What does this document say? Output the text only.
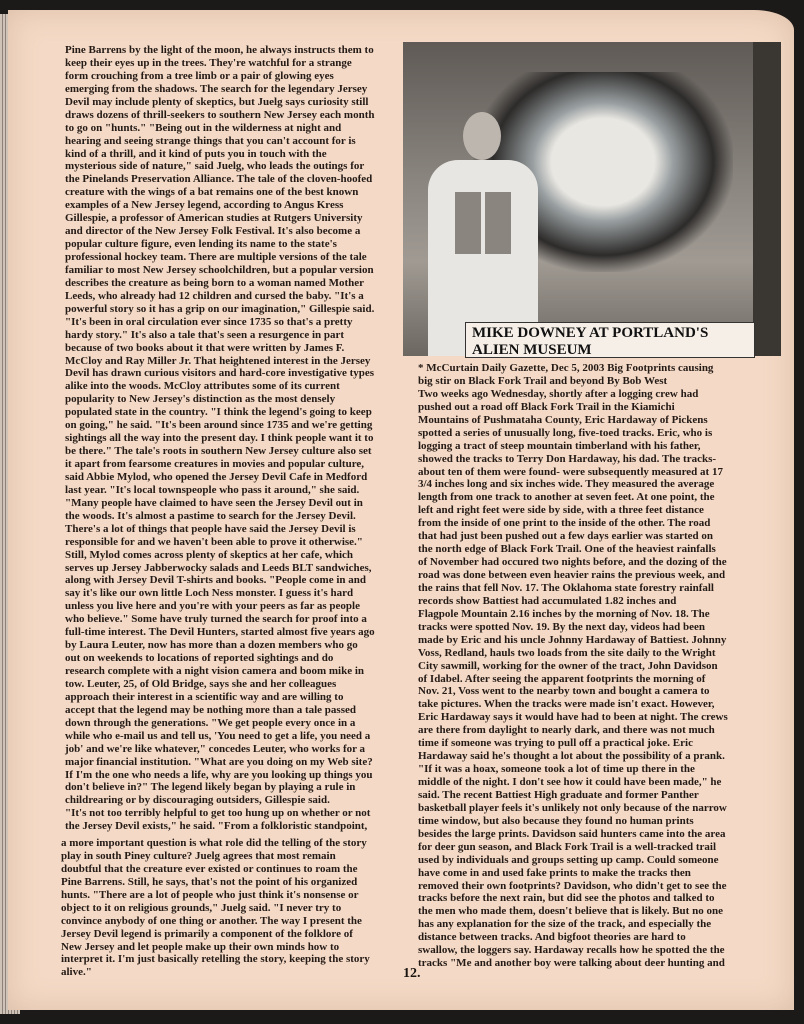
Pine Barrens by the light of the moon, he always instructs them to
keep their eyes up in the trees. They're watchful for a strange
form crouching from a tree limb or a pair of glowing eyes
emerging from the shadows. The search for the legendary Jersey
Devil may include plenty of skeptics, but Juelg says curiosity still
draws dozens of thrill-seekers to southern New Jersey each month
to go on "hunts." "Being out in the wilderness at night and
hearing and seeing strange things that you can't account for is
kind of a thrill, and it kind of puts you in touch with the
mysterious side of nature," said Juelg, who leads the outings for
the Pinelands Preservation Alliance. The tale of the cloven-hoofed
creature with the wings of a bat remains one of the best known
examples of a New Jersey legend, according to Angus Kress
Gillespie, a professor of American studies at Rutgers University
and director of the New Jersey Folk Festival. It's also become a
popular culture figure, even lending its name to the state's
professional hockey team. There are multiple versions of the tale
familiar to most New Jersey schoolchildren, but a popular version
describes the creature as being born to a woman named Mother
Leeds, who already had 12 children and cursed the baby. "It's a
powerful story so it has a grip on our imagination," Gillespie said.
"It's been in oral circulation ever since 1735 so that's a pretty
hardy story." It's also a tale that's seen a resurgence in part
because of two books about it that were written by James F.
McCloy and Ray Miller Jr. That heightened interest in the Jersey
Devil has drawn curious visitors and hard-core investigative types
alike into the woods. McCloy attributes some of its current
popularity to New Jersey's distinction as the most densely
populated state in the country. "I think the legend's going to keep
on going," he said. "It's been around since 1735 and we're getting
sightings all the way into the present day. I think people want it to
be there." The tale's roots in southern New Jersey culture also set
it apart from fearsome creatures in movies and popular culture,
said Abbie Mylod, who opened the Jersey Devil Cafe in Medford
last year. "It's local townspeople who pass it around," she said.
"Many people have claimed to have seen the Jersey Devil out in
the woods. It's almost a pastime to search for the Jersey Devil.
There's a lot of things that people have said the Jersey Devil is
responsible for and we haven't been able to prove it otherwise."
Still, Mylod comes across plenty of skeptics at her cafe, which
serves up Jersey Jabberwocky salads and Leeds BLT sandwiches,
along with Jersey Devil T-shirts and books. "People come in and
say it's like our own little Loch Ness monster. I guess it's hard
unless you live here and you're with your peers as far as people
who believe." Some have truly turned the search for proof into a
full-time interest. The Devil Hunters, started almost five years ago
by Laura Leuter, now has more than a dozen members who go
out on weekends to locations of reported sightings and do
research complete with a night vision camera and boom mike in
tow. Leuter, 25, of Old Bridge, says she and her colleagues
approach their interest in a scientific way and are willing to
accept that the legend may be nothing more than a tale passed
down through the generations. "We get people every once in a
while who e-mail us and tell us, 'You need to get a life, you need a
job' and we're like whatever," concedes Leuter, who works for a
major financial institution. "What are you doing on my Web site?
If I'm the one who needs a life, why are you looking up things you
don't believe in?" The legend likely began by playing a rule in
childrearing or by discouraging outsiders, Gillespie said.
"It's not too terribly helpful to get too hung up on whether or not
the Jersey Devil exists," he said. "From a folkloristic standpoint,
a more important question is what role did the telling of the story
play in south Piney culture? Juelg agrees that most remain
doubtful that the creature ever existed or continues to roam the
Pine Barrens. Still, he says, that's not the point of his organized
hunts. "There are a lot of people who just think it's nonsense or
object to it on religious grounds," Juelg said. "I never try to
convince anybody of one thing or another. The way I present the
Jersey Devil legend is primarily a component of the folklore of
New Jersey and let people make up their own minds how to
interpret it. I'm just basically retelling the story, keeping the story
alive."
MIKE DOWNEY AT PORTLAND'S
ALIEN MUSEUM
* McCurtain Daily Gazette, Dec 5, 2003 Big Footprints causing
big stir on Black Fork Trail and beyond By Bob West
Two weeks ago Wednesday, shortly after a logging crew had
pushed out a road off Black Fork Trail in the Kiamichi
Mountains of Pushmataha County, Eric Hardaway of Pickens
spotted a series of unusually long, five-toed tracks. Eric, who is
logging a tract of steep mountain timberland with his father,
showed the tracks to Terry Don Hardaway, his dad. The tracks-
about ten of them were found- were subsequently measured at 17
3/4 inches long and six inches wide. They measured the average
length from one track to another at seven feet. At one point, the
left and right feet were side by side, with a three feet distance
from the inside of one print to the inside of the other. The road
that had just been pushed out a few days earlier was started on
the north edge of Black Fork Trail. One of the heaviest rainfalls
of November had occured two nights before, and the dozing of the
road was done between even heavier rains the previous week, and
the rains that fell Nov. 17. The Oklahoma state forestry rainfall
records show Battiest had accumulated 1.82 inches and
Flagpole Mountain 2.16 inches by the morning of Nov. 18. The
tracks were spotted Nov. 19. By the next day, videos had been
made by Eric and his uncle Johnny Hardaway of Battiest. Johnny
Voss, Redland, hauls two loads from the site daily to the Wright
City sawmill, working for the owner of the tract, John Davidson
of Idabel. After seeing the apparent footprints the morning of
Nov. 21, Voss went to the nearby town and bought a camera to
take pictures. When the tracks were made isn't exact. However,
Eric Hardaway says it would have had to been at night. The crews
are there from daylight to nearly dark, and there was not much
time if someone was trying to pull off a practical joke. Eric
Hardaway said he's thought a lot about the possibility of a prank.
"If it was a hoax, someone took a lot of time up there in the
middle of the night. I don't see how it could have been made," he
said. The recent Battiest High graduate and former Panther
basketball player feels it's unlikely not only because of the narrow
time window, but also because they found no human prints
besides the large prints. Davidson said hunters came into the area
for deer gun season, and Black Fork Trail is a well-tracked trail
used by individuals and groups setting up camp. Could someone
have come in and used fake prints to make the tracks then
removed their own footprints? Davidson, who didn't get to see the
tracks before the next rain, but did see the photos and talked to
the men who made them, doesn't believe that is likely. But no one
has any explanation for the size of the track, and especially the
distance between tracks. And bigfoot theories are hard to
swallow, the loggers say. Hardaway recalls how he spotted the the
tracks "Me and another boy were talking about deer hunting and
12.
